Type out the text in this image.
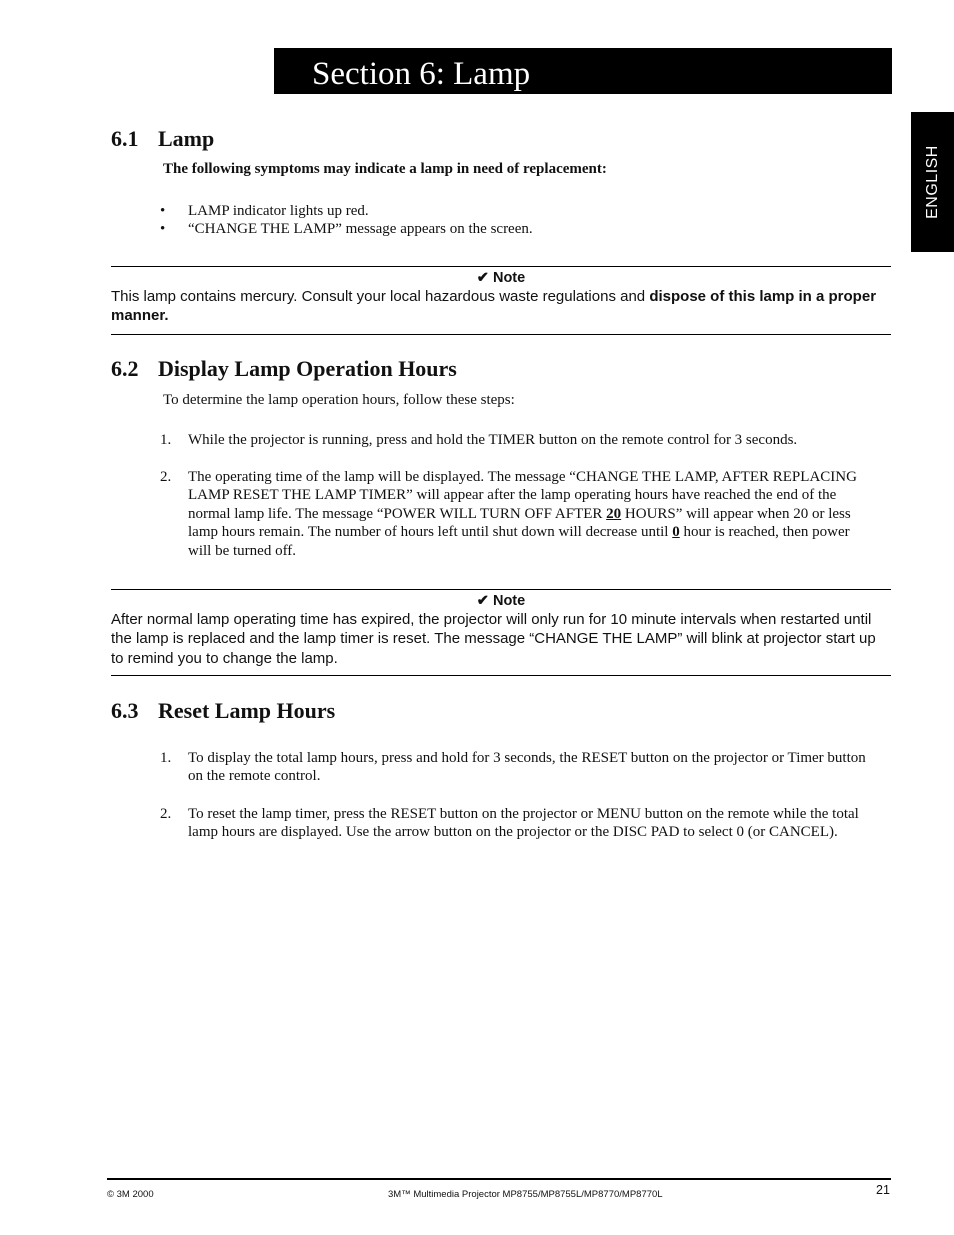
Section 6: Lamp
ENGLISH
6.1 Lamp
The following symptoms may indicate a lamp in need of replacement:
• LAMP indicator lights up red.
• “CHANGE THE LAMP” message appears on the screen.
✔ Note
This lamp contains mercury. Consult your local hazardous waste regulations and dispose of this lamp in a proper manner.
6.2 Display Lamp Operation Hours
To determine the lamp operation hours, follow these steps:
1. While the projector is running, press and hold the TIMER button on the remote control for 3 seconds.
2. The operating time of the lamp will be displayed. The message “CHANGE THE LAMP, AFTER REPLACING LAMP RESET THE LAMP TIMER” will appear after the lamp operating hours have reached the end of the normal lamp life. The message “POWER WILL TURN OFF AFTER 20 HOURS” will appear when 20 or less lamp hours remain. The number of hours left until shut down will decrease until 0 hour is reached, then power will be turned off.
✔ Note
After normal lamp operating time has expired, the projector will only run for 10 minute intervals when restarted until the lamp is replaced and the lamp timer is reset. The message “CHANGE THE LAMP” will blink at projector start up to remind you to change the lamp.
6.3 Reset Lamp Hours
1. To display the total lamp hours, press and hold for 3 seconds, the RESET button on the projector or Timer button on the remote control.
2. To reset the lamp timer, press the RESET button on the projector or MENU button on the remote while the total lamp hours are displayed. Use the arrow button on the projector or the DISC PAD to select 0 (or CANCEL).
© 3M 2000	3M™ Multimedia Projector MP8755/MP8755L/MP8770/MP8770L	21
